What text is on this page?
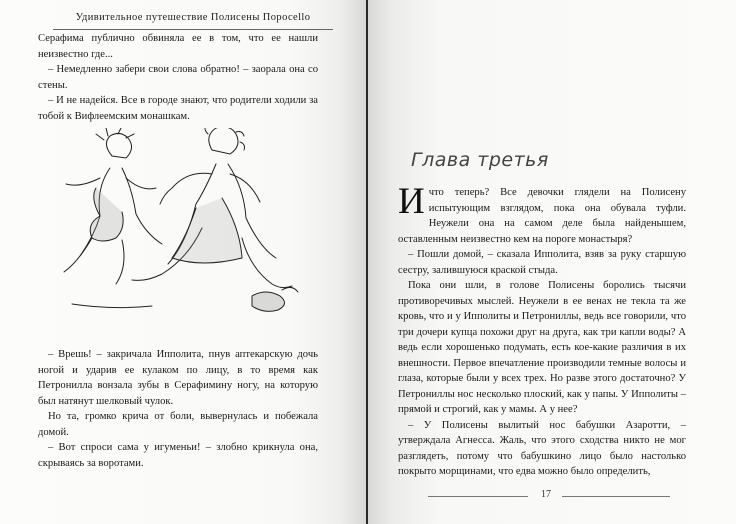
Удивительное путешествие Полисены Поросello

Серафима публично обвиняла ее в том, что ее нашли неизвестно где...

– Немедленно забери свои слова обратно! – заорала она со стены.

– И не надейся. Все в городе знают, что родители ходили за тобой к Вифлеемским монашкам.

– Врешь! – закричала Ипполита, пнув аптекарскую дочь ногой и ударив ее кулаком по лицу, в то время как Петронилла вонзала зубы в Серафимину ногу, на которую был натянут шелковый чулок.

Но та, громко крича от боли, вывернулась и побежала домой.

– Вот спроси сама у игуменьи! – злобно крикнула она, скрываясь за воротами.

Глава третья

Ичто теперь? Все девочки глядели на Полисену испытующим взглядом, пока она обувала туфли. Неужели она на самом деле была найденышем, оставленным неизвестно кем на пороге монастыря?

– Пошли домой, – сказала Ипполита, взяв за руку старшую сестру, залившуюся краской стыда.

Пока они шли, в голове Полисены боролись тысячи противоречивых мыслей. Неужели в ее венах не текла та же кровь, что и у Ипполиты и Петрониллы, ведь все говорили, что три дочери купца похожи друг на друга, как три капли воды? А ведь если хорошенько подумать, есть кое-какие различия в их внешности. Первое впечатление производили темные волосы и глаза, которые были у всех трех. Но разве этого достаточно? У Петрониллы нос несколько плоский, как у папы. У Ипполиты – прямой и строгий, как у мамы. А у нее?

– У Полисены вылитый нос бабушки Азаротти, – утверждала Агнесса. Жаль, что этого сходства никто не мог разглядеть, потому что бабушкино лицо было настолько покрыто морщинами, что едва можно было определить,

17
